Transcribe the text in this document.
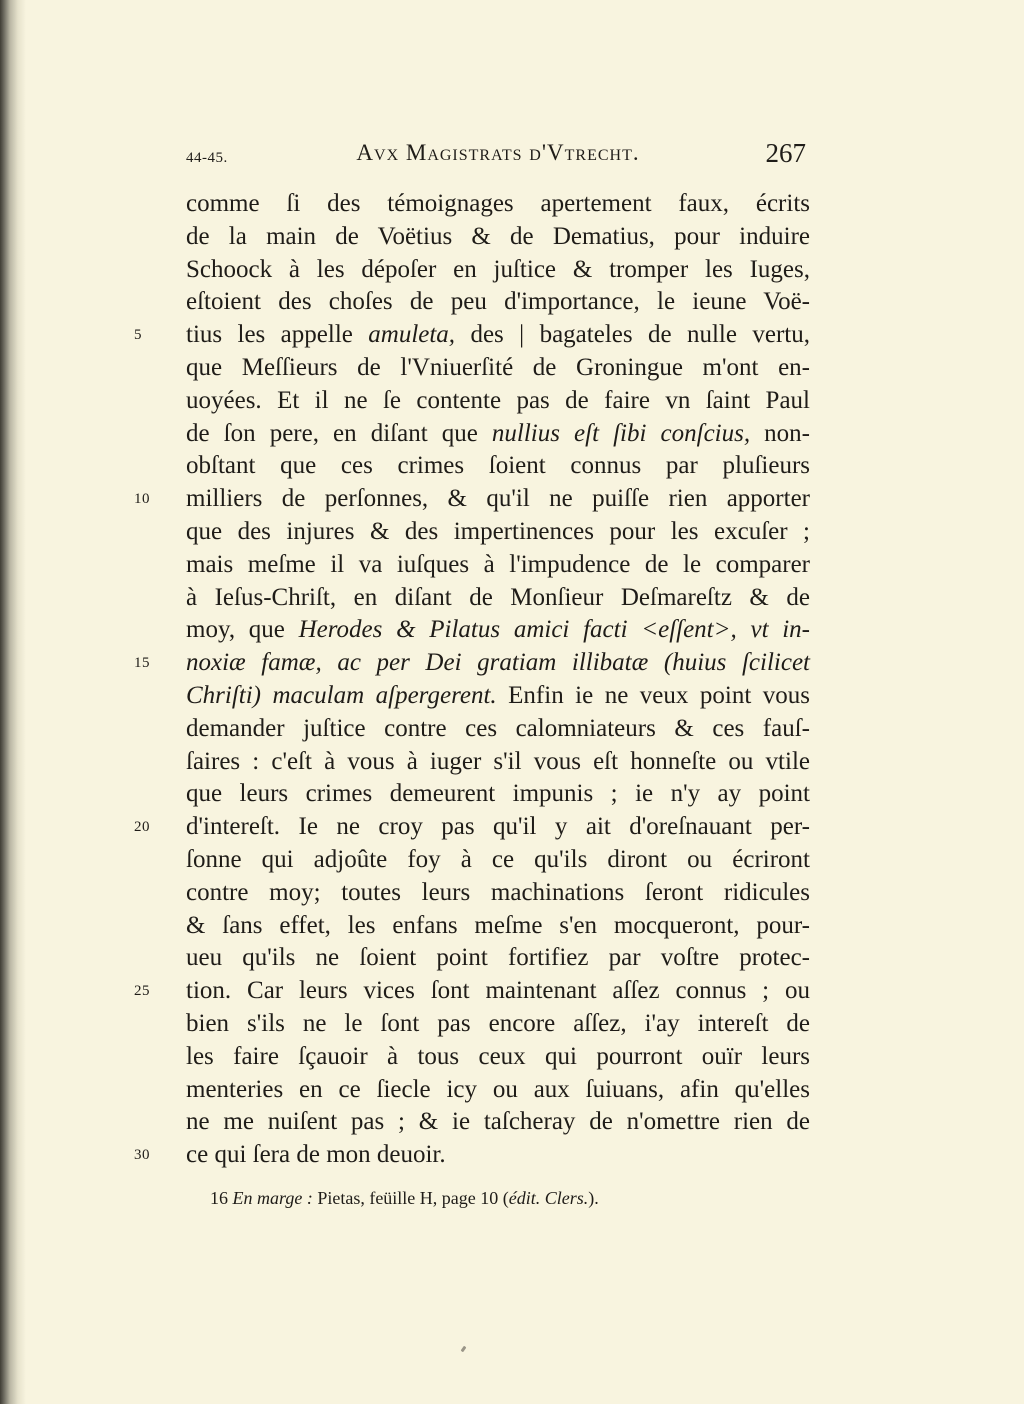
44-45.	Avx Magistrats d'Vtrecht.	267
comme ſi des témoignages apertement faux, écrits
de la main de Voëtius & de Dematius, pour induire
Schoock à les dépoſer en juſtice & tromper les Iuges,
eſtoient des choſes de peu d'importance, le ieune Voë-
5	tius les appelle amuleta, des | bagateles de nulle vertu,
que Meſſieurs de l'Vniuerſité de Groningue m'ont en-
uoyées. Et il ne ſe contente pas de faire vn ſaint Paul
de ſon pere, en diſant que nullius eſt ſibi conſcius, non-
obſtant que ces crimes ſoient connus par pluſieurs
10	milliers de perſonnes, & qu'il ne puiſſe rien apporter
que des injures & des impertinences pour les excuſer ;
mais meſme il va iuſques à l'impudence de le comparer
à Ieſus-Chriſt, en diſant de Monſieur Deſmareſtz & de
moy, que Herodes & Pilatus amici facti <eſſent>, vt in-
15	noxiæ famæ, ac per Dei gratiam illibatæ (huius ſcilicet
Chriſti) maculam aſpergerent. Enfin ie ne veux point vous
demander juſtice contre ces calomniateurs & ces fauſ-
ſaires : c'eſt à vous à iuger s'il vous eſt honneſte ou vtile
que leurs crimes demeurent impunis ; ie n'y ay point
20	d'intereſt. Ie ne croy pas qu'il y ait d'oreſnauant per-
ſonne qui adjoûte foy à ce qu'ils diront ou écriront
contre moy; toutes leurs machinations ſeront ridicules
& ſans effet, les enfans meſme s'en mocqueront, pour-
ueu qu'ils ne ſoient point fortifiez par voſtre protec-
25	tion. Car leurs vices ſont maintenant aſſez connus ; ou
bien s'ils ne le ſont pas encore aſſez, i'ay intereſt de
les faire ſçauoir à tous ceux qui pourront ouïr leurs
menteries en ce ſiecle icy ou aux ſuiuans, afin qu'elles
ne me nuiſent pas ; & ie taſcheray de n'omettre rien de
30	ce qui ſera de mon deuoir.
16 En marge : Pietas, feüille H, page 10 (édit. Clers.).
